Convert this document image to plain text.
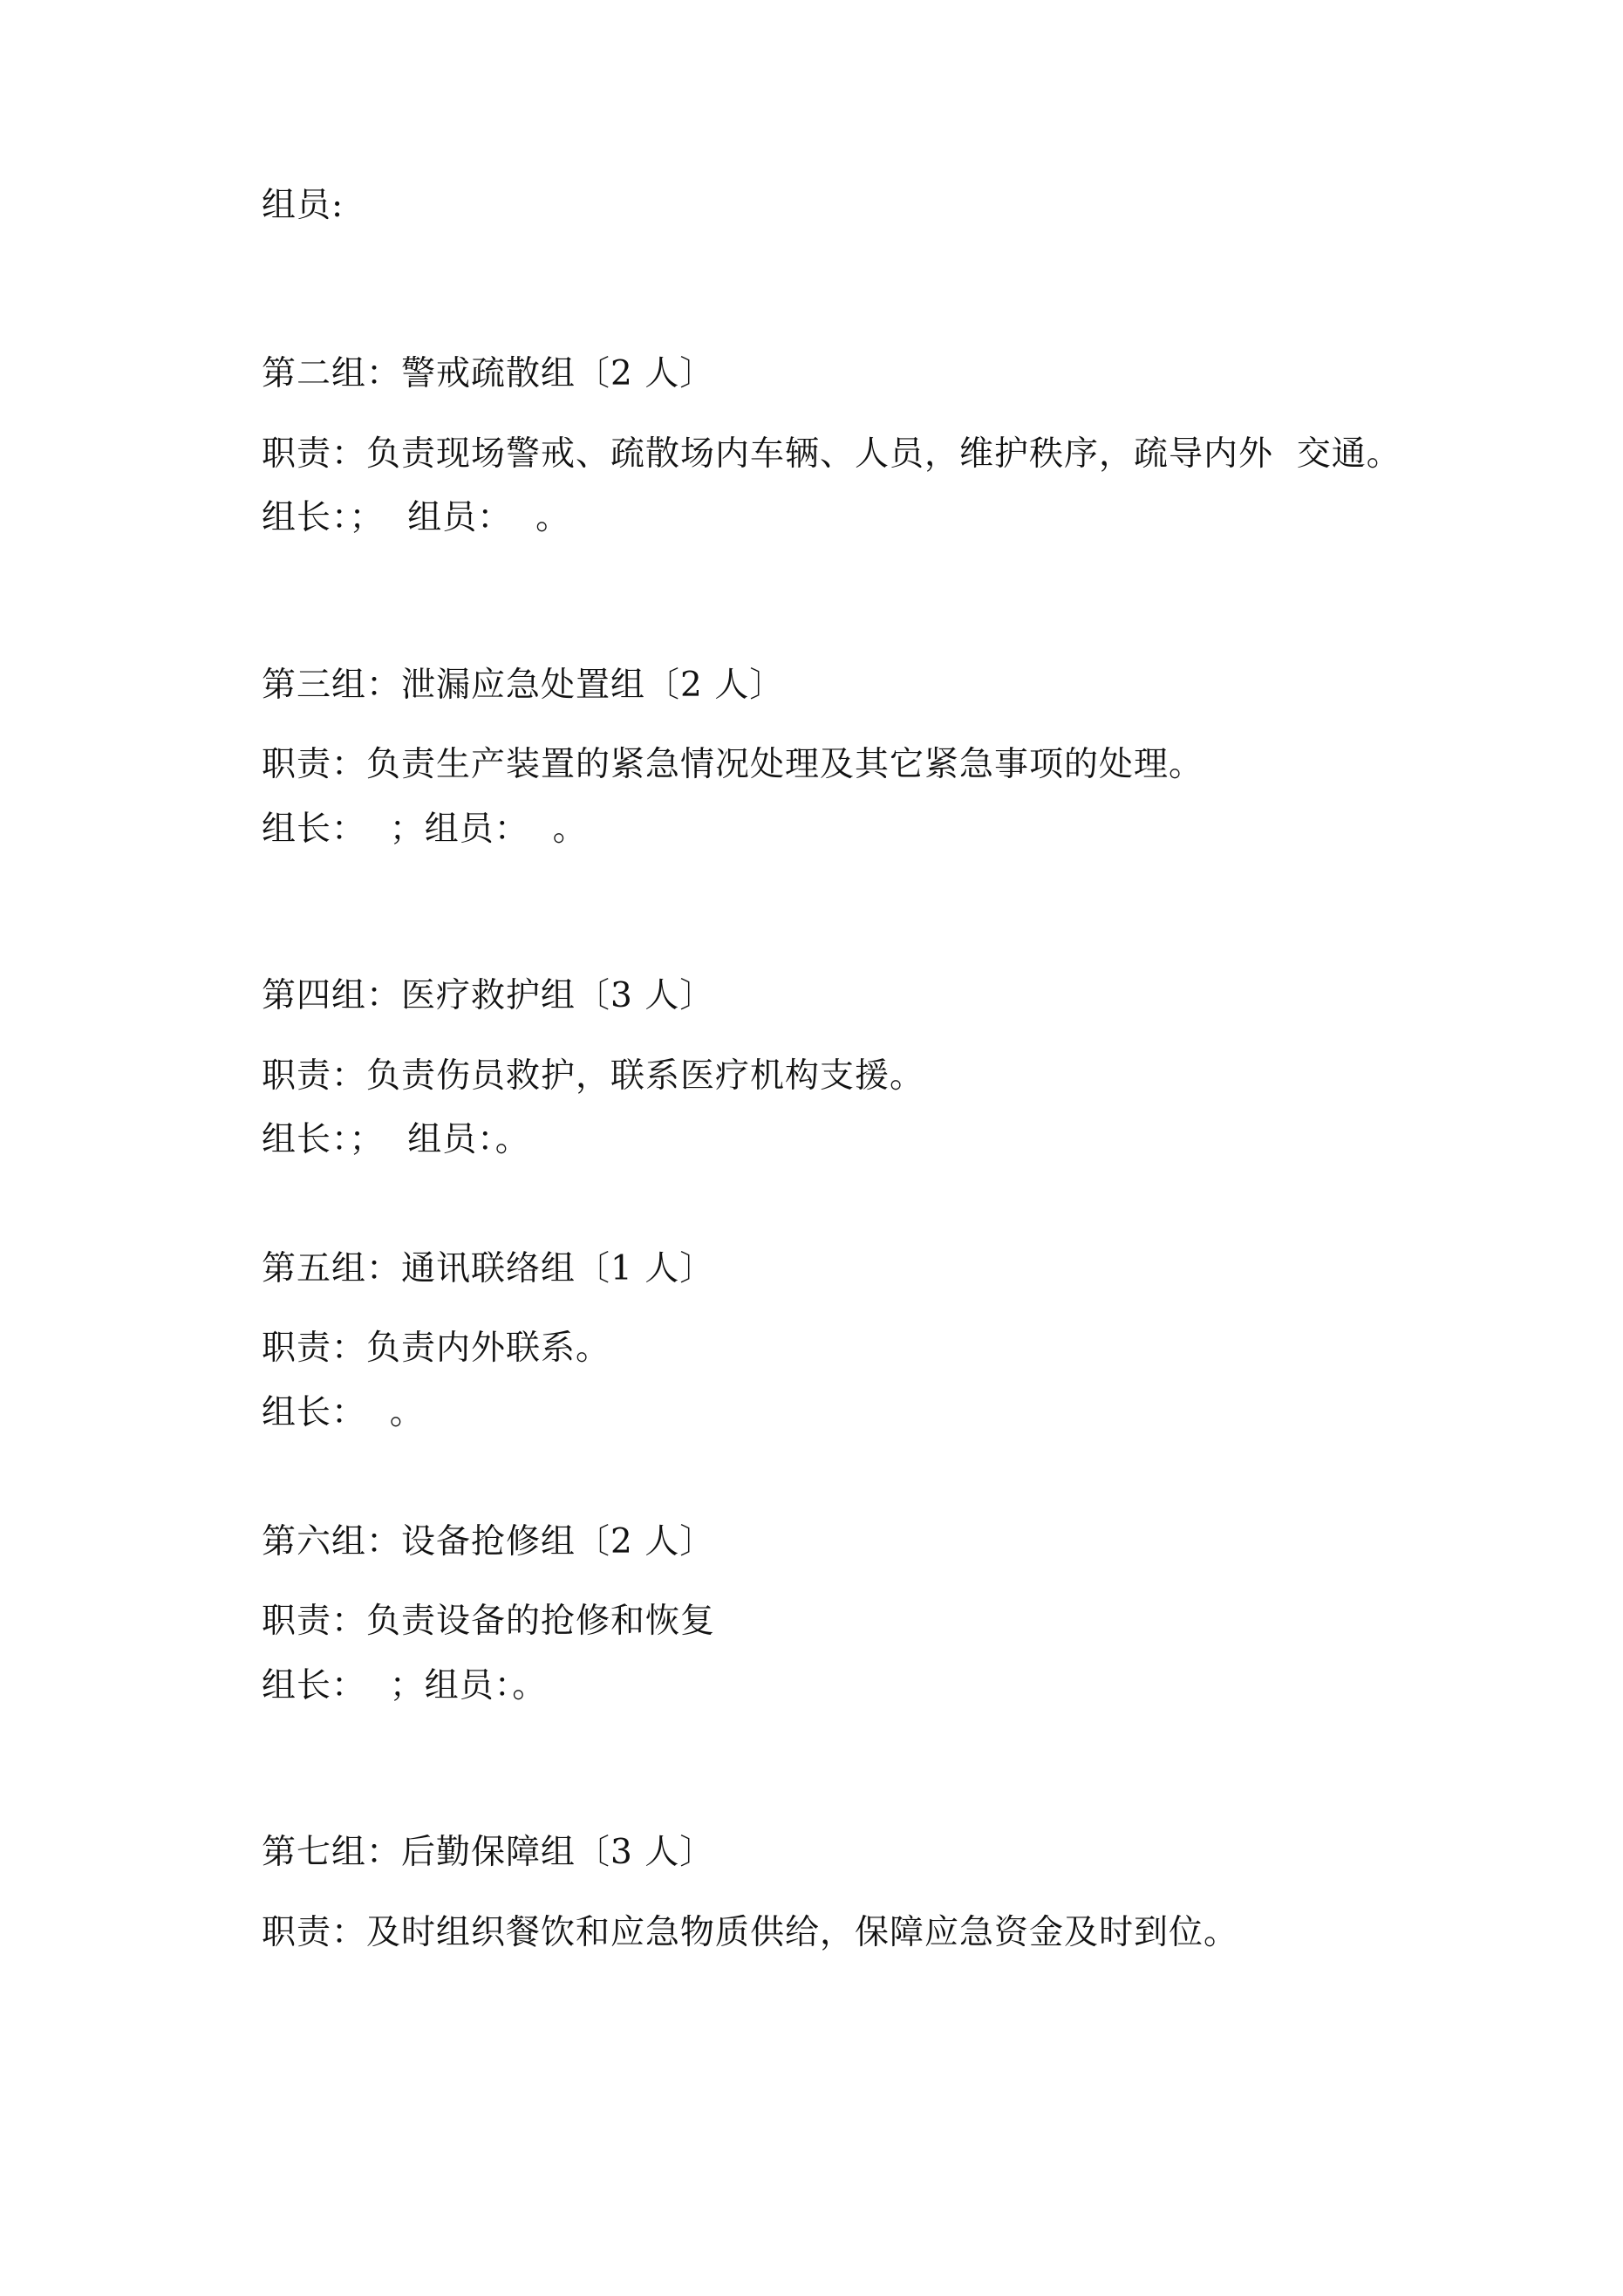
组员:

第二组：警戒疏散组〔2 人〕

职责：负责现场警戒、疏散场内车辆、人员，维护秩序，疏导内外  交通。

组长：；  组员：  。

第三组：泄漏应急处置组〔2 人〕

职责：负责生产装置的紧急情况处理及其它紧急事项的处理。

组长：  ；组员：  。

第四组：医疗救护组〔3 人〕

职责：负责伤员救护，联系医疗机构支援。

组长：；  组员：。

第五组：通讯联络组〔1 人〕

职责：负责内外联系。

组长：  。

第六组：设备抢修组〔2 人〕

职责：负责设备的抢修和恢复

组长：  ；组员：。

第七组：后勤保障组〔3 人〕

职责：及时组织餐饮和应急物质供给，保障应急资金及时到位。
